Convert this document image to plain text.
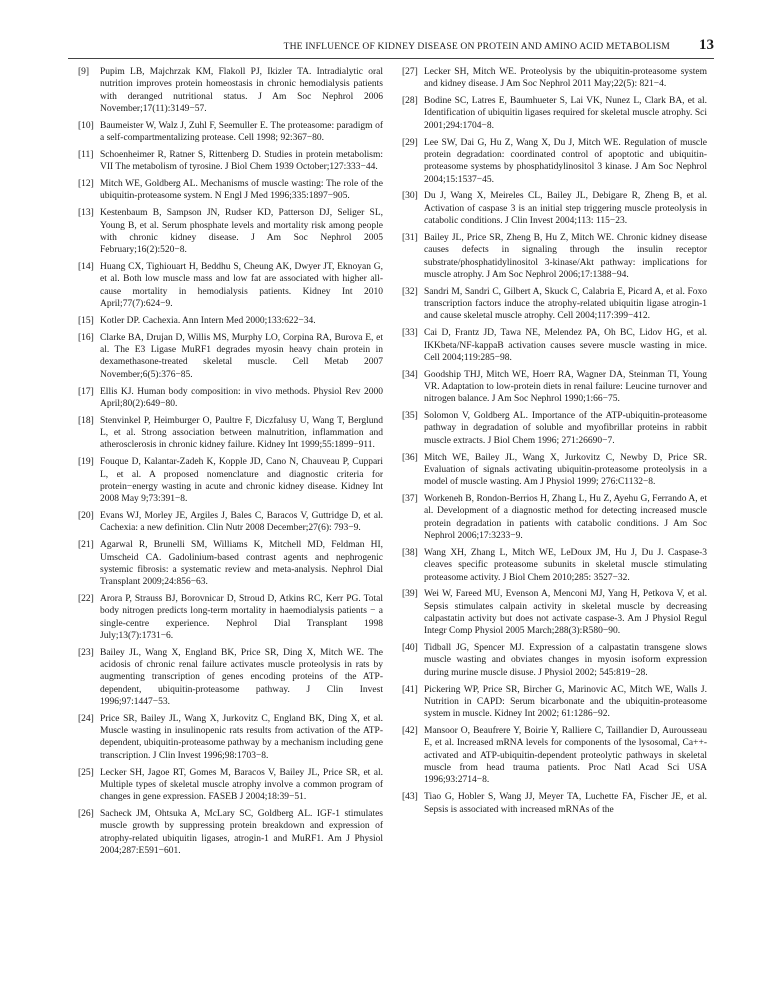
THE INFLUENCE OF KIDNEY DISEASE ON PROTEIN AND AMINO ACID METABOLISM 13
[9] Pupim LB, Majchrzak KM, Flakoll PJ, Ikizler TA. Intradialytic oral nutrition improves protein homeostasis in chronic hemodialysis patients with deranged nutritional status. J Am Soc Nephrol 2006 November;17(11):3149−57.
[10] Baumeister W, Walz J, Zuhl F, Seemuller E. The proteasome: paradigm of a self-compartmentalizing protease. Cell 1998; 92:367−80.
[11] Schoenheimer R, Ratner S, Rittenberg D. Studies in protein metabolism: VII The metabolism of tyrosine. J Biol Chem 1939 October;127:333−44.
[12] Mitch WE, Goldberg AL. Mechanisms of muscle wasting: The role of the ubiquitin-proteasome system. N Engl J Med 1996;335:1897−905.
[13] Kestenbaum B, Sampson JN, Rudser KD, Patterson DJ, Seliger SL, Young B, et al. Serum phosphate levels and mortality risk among people with chronic kidney disease. J Am Soc Nephrol 2005 February;16(2):520−8.
[14] Huang CX, Tighiouart H, Beddhu S, Cheung AK, Dwyer JT, Eknoyan G, et al. Both low muscle mass and low fat are associated with higher all-cause mortality in hemodialysis patients. Kidney Int 2010 April;77(7):624−9.
[15] Kotler DP. Cachexia. Ann Intern Med 2000;133:622−34.
[16] Clarke BA, Drujan D, Willis MS, Murphy LO, Corpina RA, Burova E, et al. The E3 Ligase MuRF1 degrades myosin heavy chain protein in dexamethasone-treated skeletal muscle. Cell Metab 2007 November;6(5):376−85.
[17] Ellis KJ. Human body composition: in vivo methods. Physiol Rev 2000 April;80(2):649−80.
[18] Stenvinkel P, Heimburger O, Paultre F, Diczfalusy U, Wang T, Berglund L, et al. Strong association between malnutrition, inflammation and atherosclerosis in chronic kidney failure. Kidney Int 1999;55:1899−911.
[19] Fouque D, Kalantar-Zadeh K, Kopple JD, Cano N, Chauveau P, Cuppari L, et al. A proposed nomenclature and diagnostic criteria for protein−energy wasting in acute and chronic kidney disease. Kidney Int 2008 May 9;73:391−8.
[20] Evans WJ, Morley JE, Argiles J, Bales C, Baracos V, Guttridge D, et al. Cachexia: a new definition. Clin Nutr 2008 December;27(6): 793−9.
[21] Agarwal R, Brunelli SM, Williams K, Mitchell MD, Feldman HI, Umscheid CA. Gadolinium-based contrast agents and nephrogenic systemic fibrosis: a systematic review and meta-analysis. Nephrol Dial Transplant 2009;24:856−63.
[22] Arora P, Strauss BJ, Borovnicar D, Stroud D, Atkins RC, Kerr PG. Total body nitrogen predicts long-term mortality in haemodialysis patients − a single-centre experience. Nephrol Dial Transplant 1998 July;13(7):1731−6.
[23] Bailey JL, Wang X, England BK, Price SR, Ding X, Mitch WE. The acidosis of chronic renal failure activates muscle proteolysis in rats by augmenting transcription of genes encoding proteins of the ATP-dependent, ubiquitin-proteasome pathway. J Clin Invest 1996;97:1447−53.
[24] Price SR, Bailey JL, Wang X, Jurkovitz C, England BK, Ding X, et al. Muscle wasting in insulinopenic rats results from activation of the ATP-dependent, ubiquitin-proteasome pathway by a mechanism including gene transcription. J Clin Invest 1996;98:1703−8.
[25] Lecker SH, Jagoe RT, Gomes M, Baracos V, Bailey JL, Price SR, et al. Multiple types of skeletal muscle atrophy involve a common program of changes in gene expression. FASEB J 2004;18:39−51.
[26] Sacheck JM, Ohtsuka A, McLary SC, Goldberg AL. IGF-1 stimulates muscle growth by suppressing protein breakdown and expression of atrophy-related ubiquitin ligases, atrogin-1 and MuRF1. Am J Physiol 2004;287:E591−601.
[27] Lecker SH, Mitch WE. Proteolysis by the ubiquitin-proteasome system and kidney disease. J Am Soc Nephrol 2011 May;22(5): 821−4.
[28] Bodine SC, Latres E, Baumhueter S, Lai VK, Nunez L, Clark BA, et al. Identification of ubiquitin ligases required for skeletal muscle atrophy. Sci 2001;294:1704−8.
[29] Lee SW, Dai G, Hu Z, Wang X, Du J, Mitch WE. Regulation of muscle protein degradation: coordinated control of apoptotic and ubiquitin-proteasome systems by phosphatidylinositol 3 kinase. J Am Soc Nephrol 2004;15:1537−45.
[30] Du J, Wang X, Meireles CL, Bailey JL, Debigare R, Zheng B, et al. Activation of caspase 3 is an initial step triggering muscle proteolysis in catabolic conditions. J Clin Invest 2004;113: 115−23.
[31] Bailey JL, Price SR, Zheng B, Hu Z, Mitch WE. Chronic kidney disease causes defects in signaling through the insulin receptor substrate/phosphatidylinositol 3-kinase/Akt pathway: implications for muscle atrophy. J Am Soc Nephrol 2006;17:1388−94.
[32] Sandri M, Sandri C, Gilbert A, Skuck C, Calabria E, Picard A, et al. Foxo transcription factors induce the atrophy-related ubiquitin ligase atrogin-1 and cause skeletal muscle atrophy. Cell 2004;117:399−412.
[33] Cai D, Frantz JD, Tawa NE, Melendez PA, Oh BC, Lidov HG, et al. IKKbeta/NF-kappaB activation causes severe muscle wasting in mice. Cell 2004;119:285−98.
[34] Goodship THJ, Mitch WE, Hoerr RA, Wagner DA, Steinman TI, Young VR. Adaptation to low-protein diets in renal failure: Leucine turnover and nitrogen balance. J Am Soc Nephrol 1990;1:66−75.
[35] Solomon V, Goldberg AL. Importance of the ATP-ubiquitin-proteasome pathway in degradation of soluble and myofibrillar proteins in rabbit muscle extracts. J Biol Chem 1996; 271:26690−7.
[36] Mitch WE, Bailey JL, Wang X, Jurkovitz C, Newby D, Price SR. Evaluation of signals activating ubiquitin-proteasome proteolysis in a model of muscle wasting. Am J Physiol 1999; 276:C1132−8.
[37] Workeneh B, Rondon-Berrios H, Zhang L, Hu Z, Ayehu G, Ferrando A, et al. Development of a diagnostic method for detecting increased muscle protein degradation in patients with catabolic conditions. J Am Soc Nephrol 2006;17:3233−9.
[38] Wang XH, Zhang L, Mitch WE, LeDoux JM, Hu J, Du J. Caspase-3 cleaves specific proteasome subunits in skeletal muscle stimulating proteasome activity. J Biol Chem 2010;285: 3527−32.
[39] Wei W, Fareed MU, Evenson A, Menconi MJ, Yang H, Petkova V, et al. Sepsis stimulates calpain activity in skeletal muscle by decreasing calpastatin activity but does not activate caspase-3. Am J Physiol Regul Integr Comp Physiol 2005 March;288(3):R580−90.
[40] Tidball JG, Spencer MJ. Expression of a calpastatin transgene slows muscle wasting and obviates changes in myosin isoform expression during murine muscle disuse. J Physiol 2002; 545:819−28.
[41] Pickering WP, Price SR, Bircher G, Marinovic AC, Mitch WE, Walls J. Nutrition in CAPD: Serum bicarbonate and the ubiquitin-proteasome system in muscle. Kidney Int 2002; 61:1286−92.
[42] Mansoor O, Beaufrere Y, Boirie Y, Ralliere C, Taillandier D, Aurousseau E, et al. Increased mRNA levels for components of the lysosomal, Ca++-activated and ATP-ubiquitin-dependent proteolytic pathways in skeletal muscle from head trauma patients. Proc Natl Acad Sci USA 1996;93:2714−8.
[43] Tiao G, Hobler S, Wang JJ, Meyer TA, Luchette FA, Fischer JE, et al. Sepsis is associated with increased mRNAs of the
